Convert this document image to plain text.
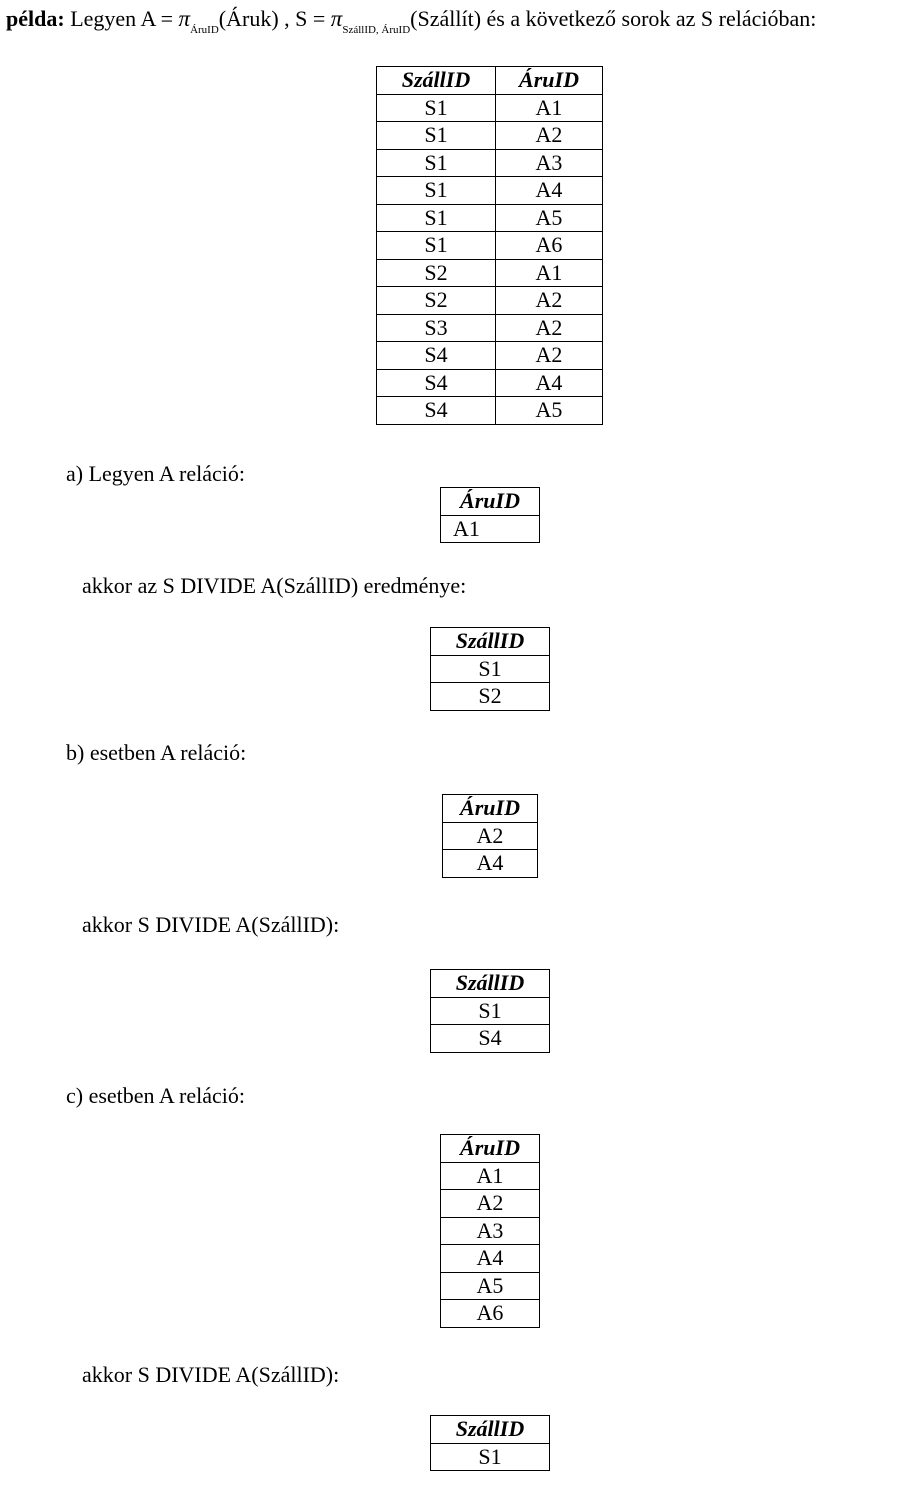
példa: Legyen $A = \pi_{ÁruID}(Áruk)$ , $S = \pi_{SzállID, ÁruID}(Szállít)$ és a következő sorok az S relációban:
SzállID	ÁruID
S1	A1
S1	A2
S1	A3
S1	A4
S1	A5
S1	A6
S2	A1
S2	A2
S3	A2
S4	A2
S4	A4
S4	A5
a) Legyen A reláció:
ÁruID
A1
akkor az S DIVIDE A(SzállID) eredménye:
SzállID
S1
S2
b) esetben A reláció:
ÁruID
A2
A4
akkor S DIVIDE A(SzállID):
SzállID
S1
S4
c) esetben A reláció:
ÁruID
A1
A2
A3
A4
A5
A6
akkor S DIVIDE A(SzállID):
SzállID
S1
